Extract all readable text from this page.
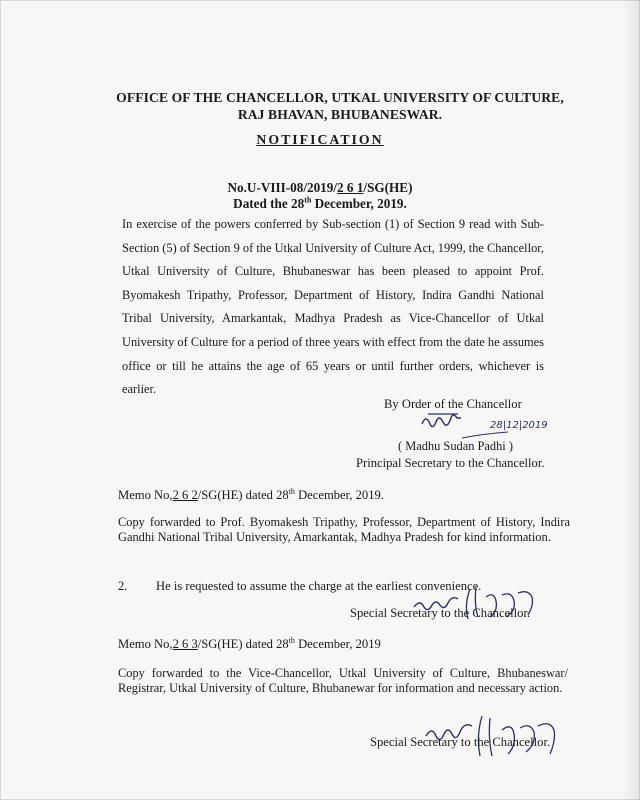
OFFICE OF THE CHANCELLOR, UTKAL UNIVERSITY OF CULTURE,
RAJ BHAVAN, BHUBANESWAR.
NOTIFICATION
No.U-VIII-08/2019/2 6 1/SG(HE)
Dated the 28th December, 2019.
In exercise of the powers conferred by Sub-section (1) of Section 9 read with Sub-Section (5) of Section 9 of the Utkal University of Culture Act, 1999, the Chancellor, Utkal University of Culture, Bhubaneswar has been pleased to appoint Prof. Byomakesh Tripathy, Professor, Department of History, Indira Gandhi National Tribal University, Amarkantak, Madhya Pradesh as Vice-Chancellor of Utkal University of Culture for a period of three years with effect from the date he assumes office or till he attains the age of 65 years or until further orders, whichever is earlier.
By Order of the Chancellor
28|12|2019
( Madhu Sudan Padhi )
Principal Secretary to the Chancellor.
Memo No,2 6 2/SG(HE) dated 28th December, 2019.
Copy forwarded to Prof. Byomakesh Tripathy, Professor, Department of History, Indira Gandhi National Tribal University, Amarkantak, Madhya Pradesh for kind information.
2. He is requested to assume the charge at the earliest convenience.
Special Secretary to the Chancellor.
Memo No,2 6 3/SG(HE) dated 28th December, 2019
Copy forwarded to the Vice-Chancellor, Utkal University of Culture, Bhubaneswar/ Registrar, Utkal University of Culture, Bhubanewar for information and necessary action.
Special Secretary to the Chancellor.
